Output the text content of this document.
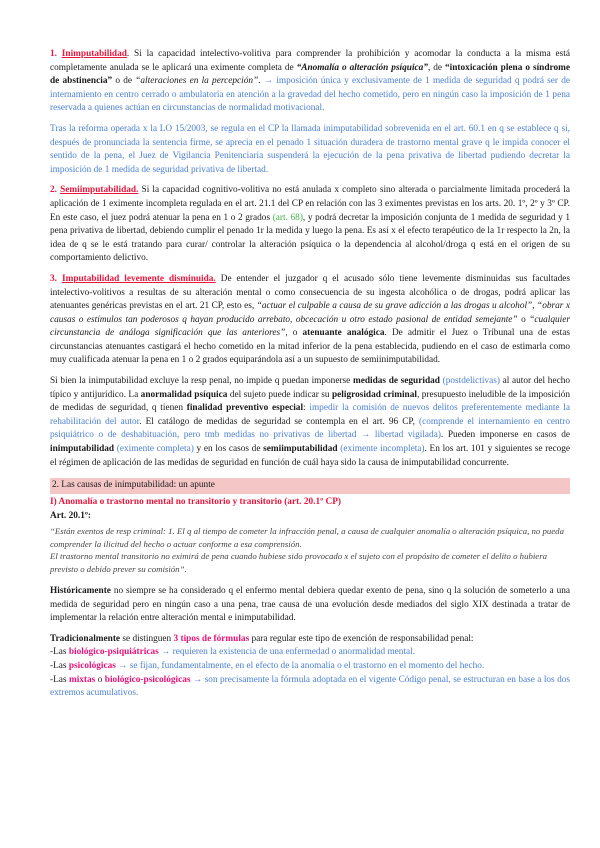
1. Inimputabilidad. Si la capacidad intelectivo-volitiva para comprender la prohibición y acomodar la conducta a la misma está completamente anulada se le aplicará una eximente completa de “Anomalía o alteración psíquica”, de “intoxicación plena o síndrome de abstinencia” o de “alteraciones en la percepción”. → imposición única y exclusivamente de 1 medida de seguridad q podrá ser de internamiento en centro cerrado o ambulatoria en atención a la gravedad del hecho cometido, pero en ningún caso la imposición de 1 pena reservada a quienes actúan en circunstancias de normalidad motivacional.

Tras la reforma operada x la LO 15/2003, se regula en el CP la llamada inimputabilidad sobrevenida en el art. 60.1 en q se establece q si, después de pronunciada la sentencia firme, se aprecia en el penado 1 situación duradera de trastorno mental grave q le impida conocer el sentido de la pena, el Juez de Vigilancia Penitenciaria suspenderá la ejecución de la pena privativa de libertad pudiendo decretar la imposición de 1 medida de seguridad privativa de libertad.

2. Semiimputabilidad. Si la capacidad cognitivo-volitiva no está anulada x completo sino alterada o parcialmente limitada procederá la aplicación de 1 eximente incompleta regulada en el art. 21.1 del CP en relación con las 3 eximentes previstas en los arts. 20. 1º, 2º y 3º CP. En este caso, el juez podrá atenuar la pena en 1 o 2 grados (art. 68), y podrá decretar la imposición conjunta de 1 medida de seguridad y 1 pena privativa de libertad, debiendo cumplir el penado 1r la medida y luego la pena. Es así x el efecto terapéutico de la 1r respecto la 2n, la idea de q se le está tratando para curar/ controlar la alteración psíquica o la dependencia al alcohol/droga q está en el origen de su comportamiento delictivo.

3. Imputabilidad levemente disminuida. De entender el juzgador q el acusado sólo tiene levemente disminuidas sus facultades intelectivo-volitivos a resultas de su alteración mental o como consecuencia de su ingesta alcohólica o de drogas, podrá aplicar las atenuantes genéricas previstas en el art. 21 CP, esto es, “actuar el culpable a causa de su grave adicción a las drogas u alcohol”, “obrar x causas o estímulos tan poderosos q hayan producido arrebato, obcecación u otro estado pasional de entidad semejante” o “cualquier circunstancia de análoga significación que las anteriores”, o atenuante analógica. De admitir el Juez o Tribunal una de estas circunstancias atenuantes castigará el hecho cometido en la mitad inferior de la pena establecida, pudiendo en el caso de estimarla como muy cualificada atenuar la pena en 1 o 2 grados equiparándola así a un supuesto de semiinimputabilidad.

Si bien la inimputabilidad excluye la resp penal, no impide q puedan imponerse medidas de seguridad (postdelictivas) al autor del hecho típico y antijurídico. La anormalidad psíquica del sujeto puede indicar su peligrosidad criminal, presupuesto ineludible de la imposición de medidas de seguridad, q tienen finalidad preventivo especial: impedir la comisión de nuevos delitos preferentemente mediante la rehabilitación del autor. El catálogo de medidas de seguridad se contempla en el art. 96 CP, (comprende el internamiento en centro psiquiátrico o de deshabituación, pero tmb medidas no privativas de libertad → libertad vigilada). Pueden imponerse en casos de inimputabilidad (eximente completa) y en los casos de semiimputabilidad (eximente incompleta). En los art. 101 y siguientes se recoge el régimen de aplicación de las medidas de seguridad en función de cuál haya sido la causa de inimputabilidad concurrente.

2. Las causas de inimputabilidad: un apunte
I) Anomalía o trastorno mental no transitorio y transitorio (art. 20.1º CP)
Art. 20.1º:
“Están exentos de resp criminal: 1. El q al tiempo de cometer la infracción penal, a causa de cualquier anomalía o alteración psíquica, no pueda comprender la ilicitud del hecho o actuar conforme a esa comprensión.
El trastorno mental transitorio no eximirá de pena cuando hubiese sido provocado x el sujeto con el propósito de cometer el delito o hubiera previsto o debido prever su comisión”.

Históricamente no siempre se ha considerado q el enfermo mental debiera quedar exento de pena, sino q la solución de someterlo a una medida de seguridad pero en ningún caso a una pena, trae causa de una evolución desde mediados del siglo XIX destinada a tratar de implementar la relación entre alteración mental e inimputabilidad.

Tradicionalmente se distinguen 3 tipos de fórmulas para regular este tipo de exención de responsabilidad penal:

-Las biológico-psiquiátricas → requieren la existencia de una enfermedad o anormalidad mental.

-Las psicológicas → se fijan, fundamentalmente, en el efecto de la anomalía o el trastorno en el momento del hecho.

-Las mixtas o biológico-psicológicas → son precisamente la fórmula adoptada en el vigente Código penal, se estructuran en base a los dos extremos acumulativos.
